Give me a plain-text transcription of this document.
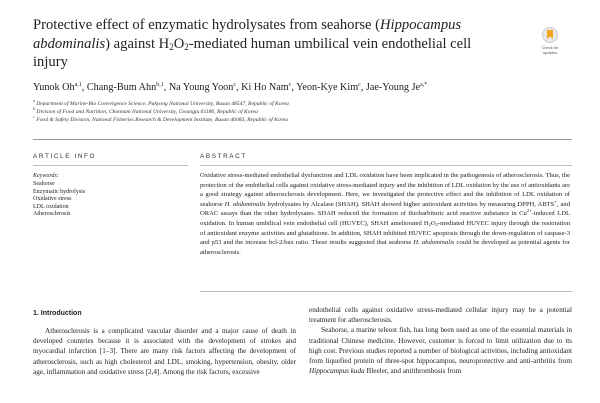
Protective effect of enzymatic hydrolysates from seahorse (Hippocampus abdominalis) against $H_2O_2$-mediated human umbilical vein endothelial cell injury
Check for
updates
Yunok Oh$^{a,1}$, Chang-Bum Ahn$^{b,1}$, Na Young Yoon$^c$, Ki Ho Nam$^c$, Yeon-Kye Kim$^c$, Jae-Young $Je^{a,*}$
$^a$ Department of Marine-Bio Convergence Science, Pukyong National University, Busan 48547, Republic of Korea
$^b$ Division of Food and Nutrition, Chonnam National University, Gwangju 61186, Republic of Korea
$^c$ Food & Safety Division, National Fisheries Research & Development Institute, Busan 46083, Republic of Korea
ARTICLE INFO	ABSTRACT
Keywords:
Seahorse
Enzymatic hydrolysis
Oxidative stress
LDL oxidation
Atherosclerosis
Oxidative stress-mediated endothelial dysfunction and LDL oxidation have been implicated in the pathogenesis of atherosclerosis. Thus, the protection of the endothelial cells against oxidative stress-mediated injury and the inhibition of LDL oxidation by the use of antioxidants are a good strategy against atherosclerosis development. Here, we investigated the protective effect and the inhibition of LDL oxidation of seahorse H. abdominalis hydrolysates by Alcalase (SHAH). SHAH showed higher antioxidant activities by measuring DPPH, ABTS+, and ORAC assays than the other hydrolysates. SHAH reduced the formation of thiobarbituric acid reactive substance in $Cu^{2+}$-induced LDL oxidation. In human umbilical vein endothelial cell (HUVEC), SHAH ameliorated $H_2O_2$-mediated HUVEC injury through the restoration of antioxidant enzyme activities and glutathione. In addition, SHAH inhibited HUVEC apoptosis through the down-regulation of caspase-3 and p53 and the increase bcl-2/bax ratio. These results suggested that seahorse H. abdominalis could be developed as potential agents for atherosclerosis.
1. Introduction
Atherosclerosis is a complicated vascular disorder and a major cause of death in developed countries because it is associated with the development of strokes and myocardial infarction [1–3]. There are many risk factors affecting the development of atherosclerosis, such as high cholesterol and LDL, smoking, hypertension, obesity, older age, inflammation and oxidative stress [2,4]. Among the risk factors, excessive
endothelial cells against oxidative stress-mediated cellular injury may be a potential treatment for atherosclerosis.
Seahorse, a marine teleost fish, has long been used as one of the essential materials in traditional Chinese medicine. However, customer is forced to limit utilization due to its high cost. Previous studies reported a number of biological activities, including antioxidant from liquefied protein of three-spot hippocampus, neuroprotective and anti-arthritis from Hippocampus kuda Bleeler, and antithrombosis from
